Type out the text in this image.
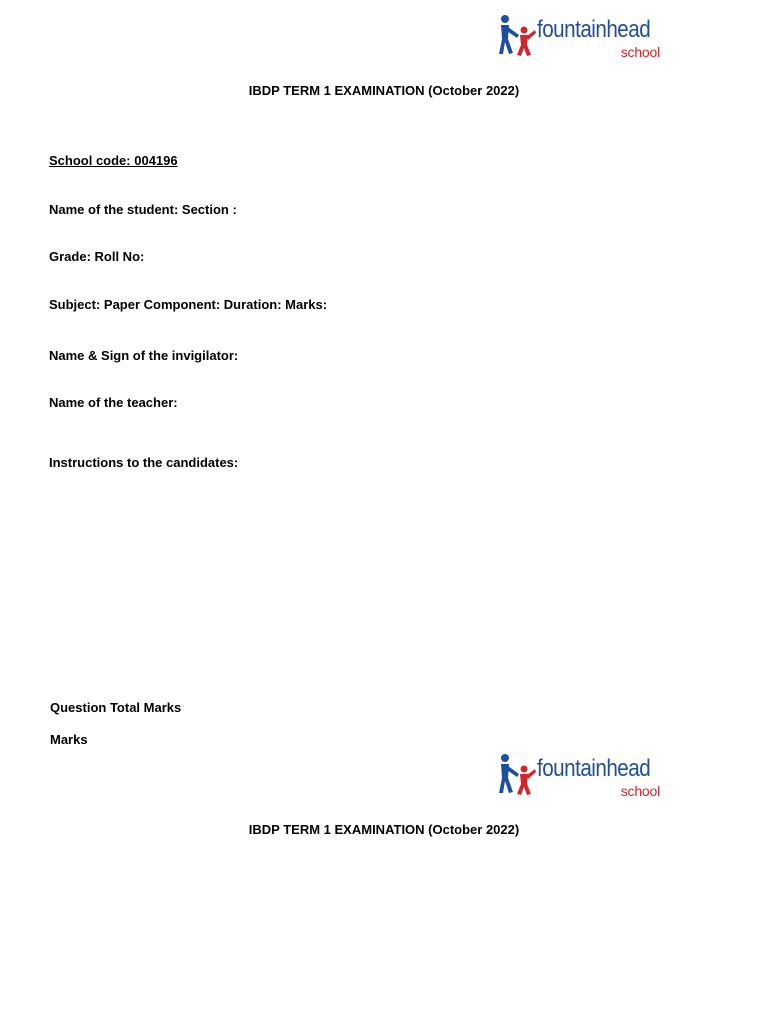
fountainhead
school
IBDP TERM 1 EXAMINATION (October 2022)
School code: 004196
Name of the student: Section :
Grade: Roll No:
Subject: Paper Component: Duration: Marks:
Name & Sign of the invigilator:
Name of the teacher:
Instructions to the candidates:
Question Total Marks
Marks
fountainhead
school
IBDP TERM 1 EXAMINATION (October 2022)
